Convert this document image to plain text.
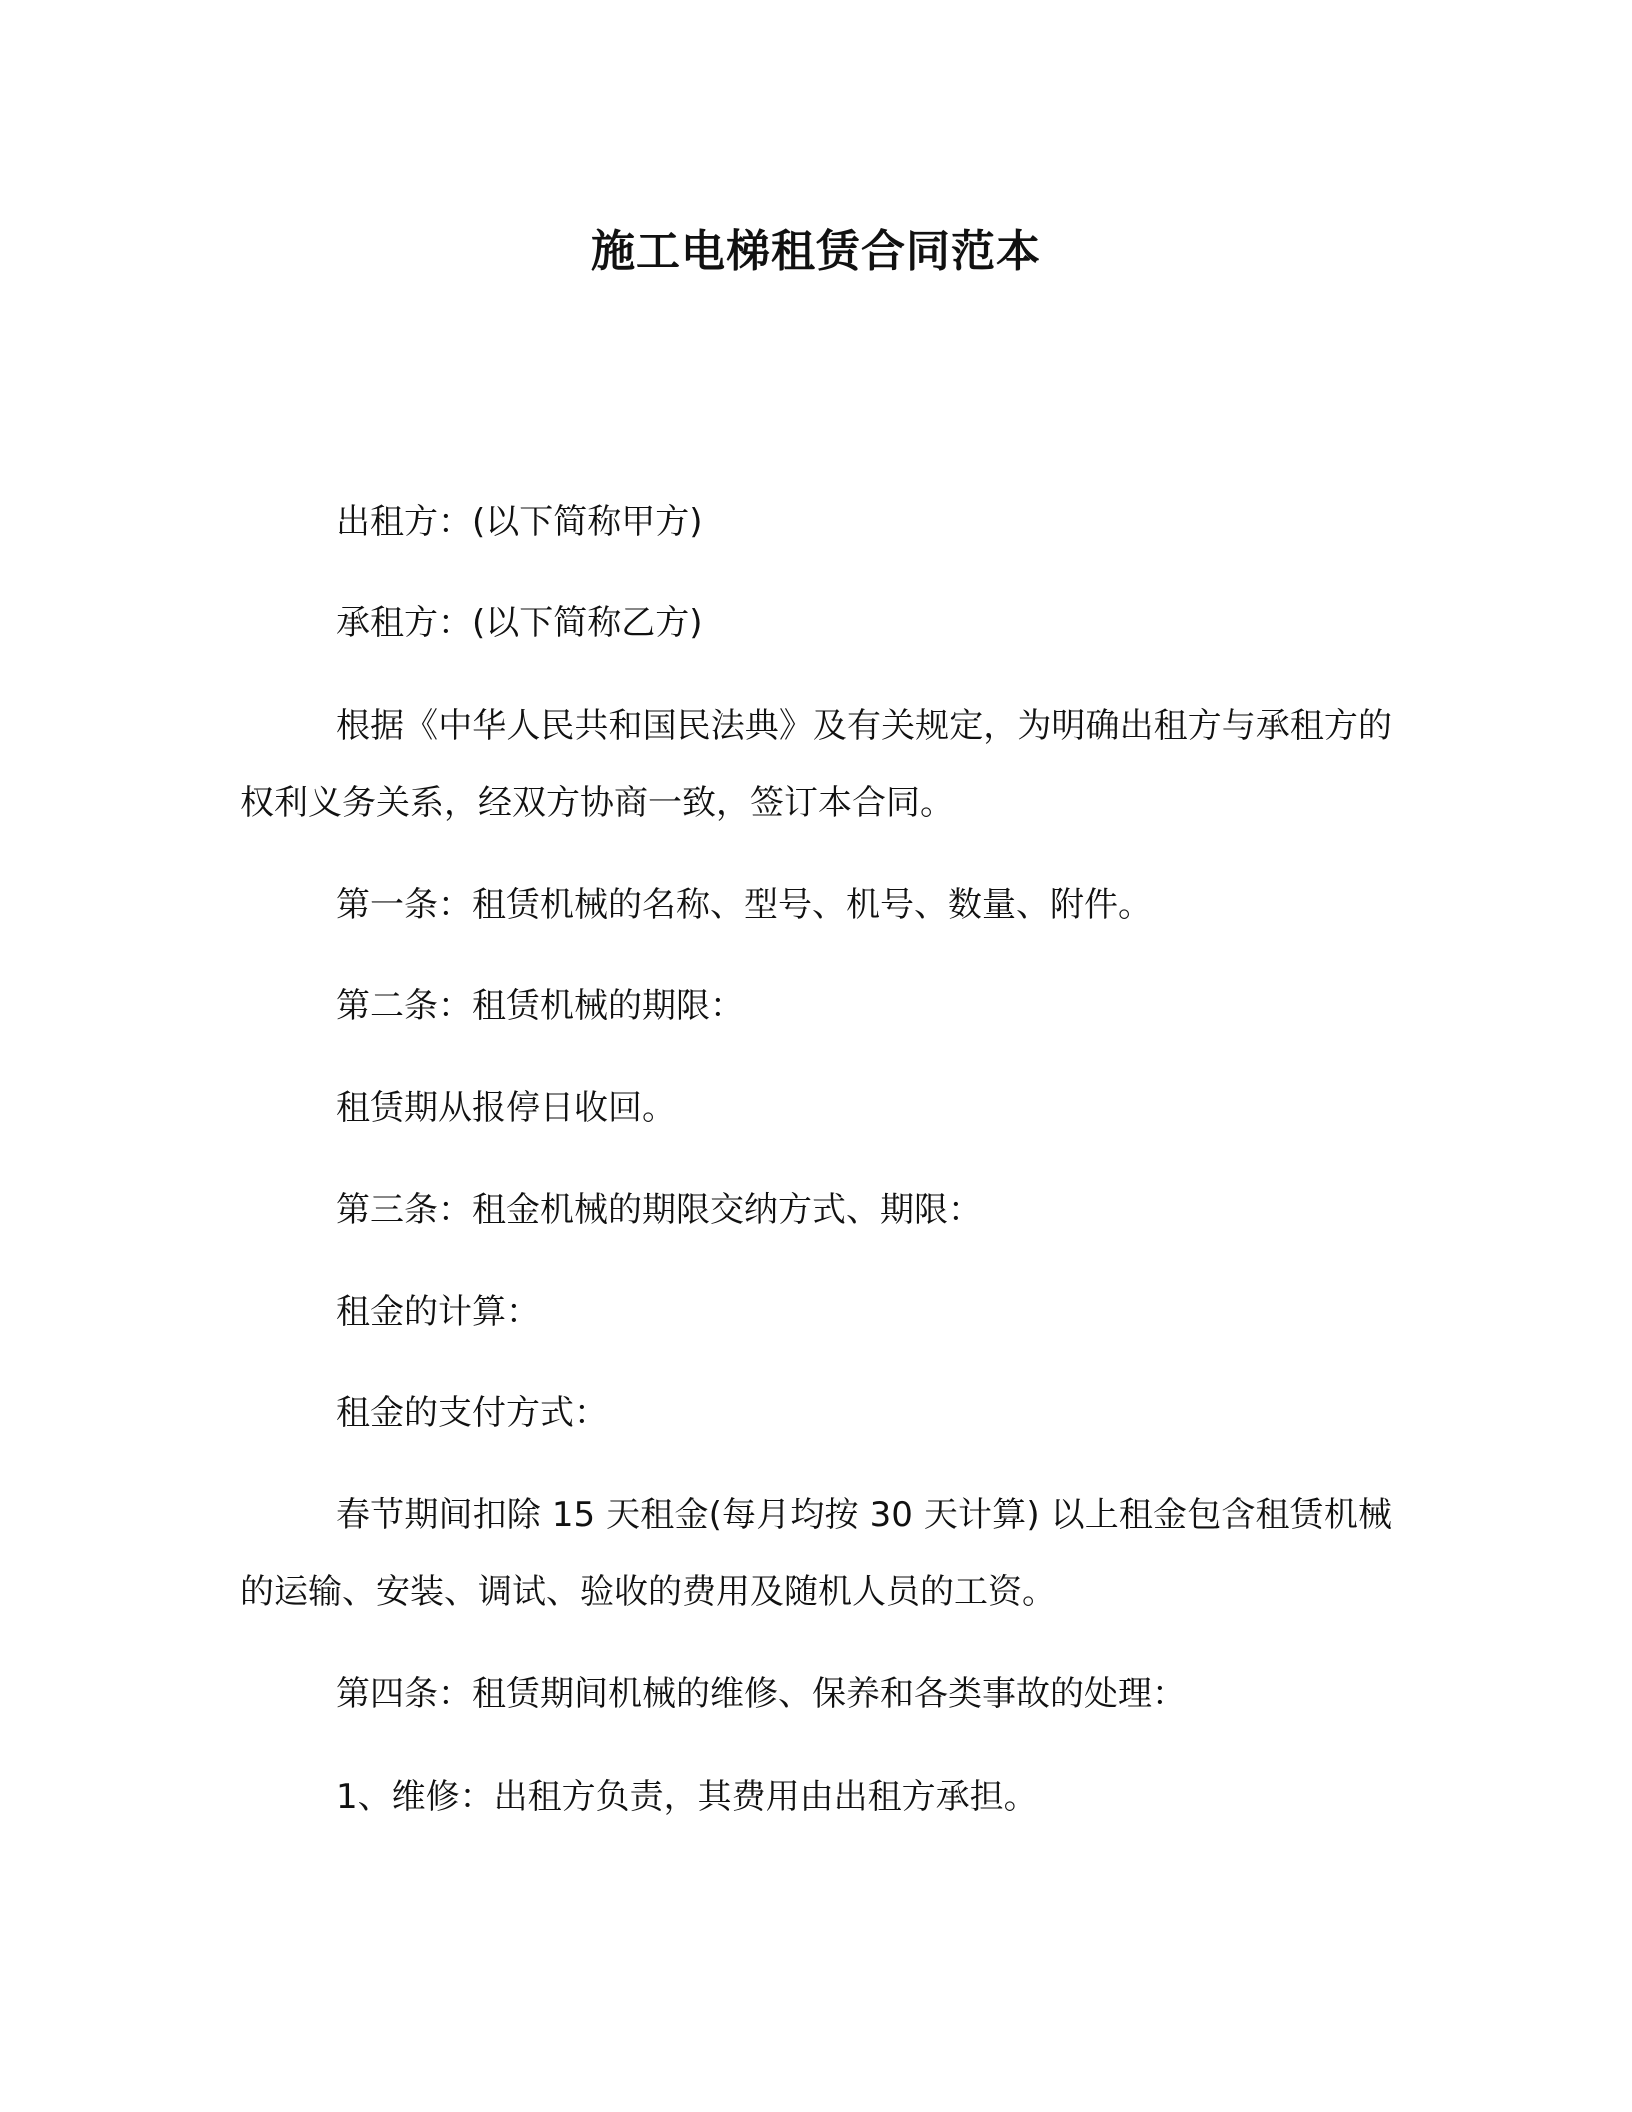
施工电梯租赁合同范本

出租方：(以下简称甲方)

承租方：(以下简称乙方)

根据《中华人民共和国民法典》及有关规定，为明确出租方与承租方的权利义务关系，经双方协商一致，签订本合同。

第一条：租赁机械的名称、型号、机号、数量、附件。

第二条：租赁机械的期限：

租赁期从报停日收回。

第三条：租金机械的期限交纳方式、期限：

租金的计算：

租金的支付方式：

春节期间扣除 15 天租金(每月均按 30 天计算) 以上租金包含租赁机械的运输、安装、调试、验收的费用及随机人员的工资。

第四条：租赁期间机械的维修、保养和各类事故的处理：

1、维修：出租方负责，其费用由出租方承担。
